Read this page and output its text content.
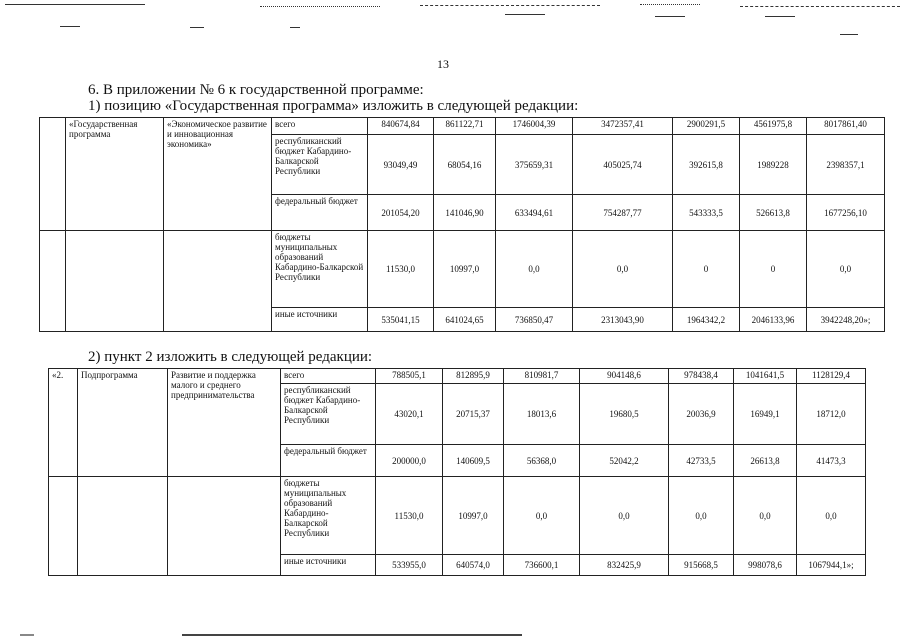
13
6. В приложении № 6 к государственной программе:
1) позицию «Государственная программа» изложить в следующей редакции:
	«Государственная программа	«Экономическое развитие и инновационная экономика»	всего	840674,84	861122,71	1746004,39	3472357,41	2900291,5	4561975,8	8017861,40
			республиканский бюджет Кабардино-Балкарской Республики	93049,49	68054,16	375659,31	405025,74	392615,8	1989228	2398357,1
			федеральный бюджет	201054,20	141046,90	633494,61	754287,77	543333,5	526613,8	1677256,10
			бюджеты муниципальных образований Кабардино-Балкарской Республики	11530,0	10997,0	0,0	0,0	0	0	0,0
			иные источники	535041,15	641024,65	736850,47	2313043,90	1964342,2	2046133,96	3942248,20»;
2) пункт 2 изложить в следующей редакции:
«2.	Подпрограмма	Развитие и поддержка малого и среднего предпринимательства	всего	788505,1	812895,9	810981,7	904148,6	978438,4	1041641,5	1128129,4
			республиканский бюджет Кабардино-Балкарской Республики	43020,1	20715,37	18013,6	19680,5	20036,9	16949,1	18712,0
			федеральный бюджет	200000,0	140609,5	56368,0	52042,2	42733,5	26613,8	41473,3
			бюджеты муниципальных образований Кабардино-Балкарской Республики	11530,0	10997,0	0,0	0,0	0,0	0,0	0,0
			иные источники	533955,0	640574,0	736600,1	832425,9	915668,5	998078,6	1067944,1»;
